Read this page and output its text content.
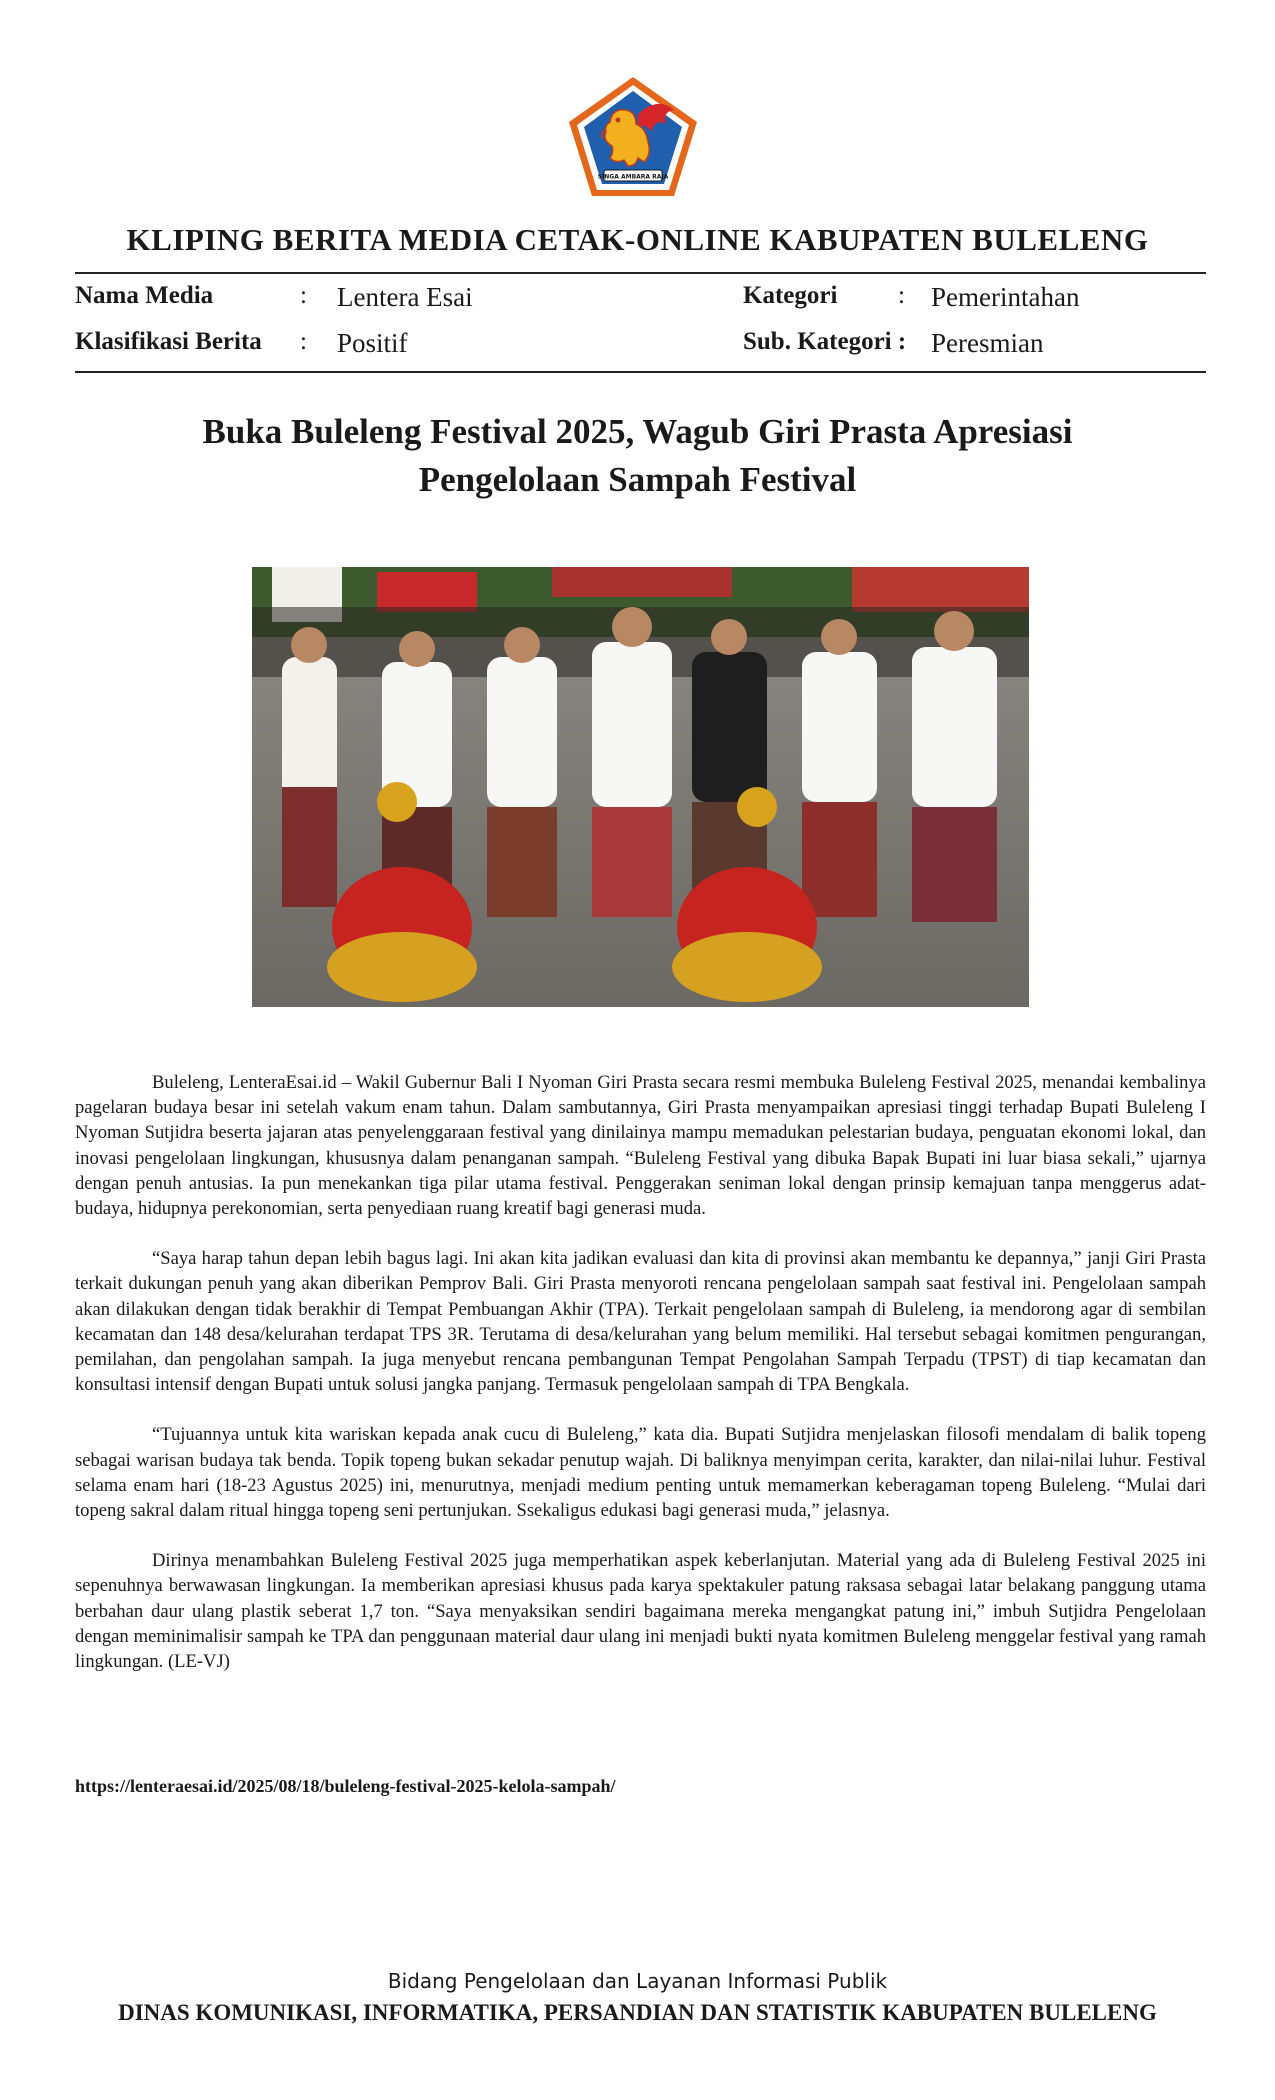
SINGA AMBARA RAJA
KLIPING BERITA MEDIA CETAK-ONLINE KABUPATEN BULELENG
Nama Media	: Lentera Esai
Klasifikasi Berita : Positif
Kategori : Pemerintahan
Sub. Kategori : Peresmian
Buka Buleleng Festival 2025, Wagub Giri Prasta Apresiasi
Pengelolaan Sampah Festival

Buleleng, LenteraEsai.id – Wakil Gubernur Bali I Nyoman Giri Prasta secara resmi membuka Buleleng Festival 2025, menandai kembalinya pagelaran budaya besar ini setelah vakum enam tahun. Dalam sambutannya, Giri Prasta menyampaikan apresiasi tinggi terhadap Bupati Buleleng I Nyoman Sutjidra beserta jajaran atas penyelenggaraan festival yang dinilainya mampu memadukan pelestarian budaya, penguatan ekonomi lokal, dan inovasi pengelolaan lingkungan, khususnya dalam penanganan sampah. “Buleleng Festival yang dibuka Bapak Bupati ini luar biasa sekali,” ujarnya dengan penuh antusias. Ia pun menekankan tiga pilar utama festival. Penggerakan seniman lokal dengan prinsip kemajuan tanpa menggerus adat-budaya, hidupnya perekonomian, serta penyediaan ruang kreatif bagi generasi muda.

“Saya harap tahun depan lebih bagus lagi. Ini akan kita jadikan evaluasi dan kita di provinsi akan membantu ke depannya,” janji Giri Prasta terkait dukungan penuh yang akan diberikan Pemprov Bali. Giri Prasta menyoroti rencana pengelolaan sampah saat festival ini. Pengelolaan sampah akan dilakukan dengan tidak berakhir di Tempat Pembuangan Akhir (TPA). Terkait pengelolaan sampah di Buleleng, ia mendorong agar di sembilan kecamatan dan 148 desa/kelurahan terdapat TPS 3R. Terutama di desa/kelurahan yang belum memiliki. Hal tersebut sebagai komitmen pengurangan, pemilahan, dan pengolahan sampah. Ia juga menyebut rencana pembangunan Tempat Pengolahan Sampah Terpadu (TPST) di tiap kecamatan dan konsultasi intensif dengan Bupati untuk solusi jangka panjang. Termasuk pengelolaan sampah di TPA Bengkala.

“Tujuannya untuk kita wariskan kepada anak cucu di Buleleng,” kata dia. Bupati Sutjidra menjelaskan filosofi mendalam di balik topeng sebagai warisan budaya tak benda. Topik topeng bukan sekadar penutup wajah. Di baliknya menyimpan cerita, karakter, dan nilai-nilai luhur. Festival selama enam hari (18-23 Agustus 2025) ini, menurutnya, menjadi medium penting untuk memamerkan keberagaman topeng Buleleng. “Mulai dari topeng sakral dalam ritual hingga topeng seni pertunjukan. Ssekaligus edukasi bagi generasi muda,” jelasnya.

Dirinya menambahkan Buleleng Festival 2025 juga memperhatikan aspek keberlanjutan. Material yang ada di Buleleng Festival 2025 ini sepenuhnya berwawasan lingkungan. Ia memberikan apresiasi khusus pada karya spektakuler patung raksasa sebagai latar belakang panggung utama berbahan daur ulang plastik seberat 1,7 ton. “Saya menyaksikan sendiri bagaimana mereka mengangkat patung ini,” imbuh Sutjidra Pengelolaan dengan meminimalisir sampah ke TPA dan penggunaan material daur ulang ini menjadi bukti nyata komitmen Buleleng menggelar festival yang ramah lingkungan. (LE-VJ)

https://lenteraesai.id/2025/08/18/buleleng-festival-2025-kelola-sampah/
Bidang Pengelolaan dan Layanan Informasi Publik
DINAS KOMUNIKASI, INFORMATIKA, PERSANDIAN DAN STATISTIK KABUPATEN BULELENG
